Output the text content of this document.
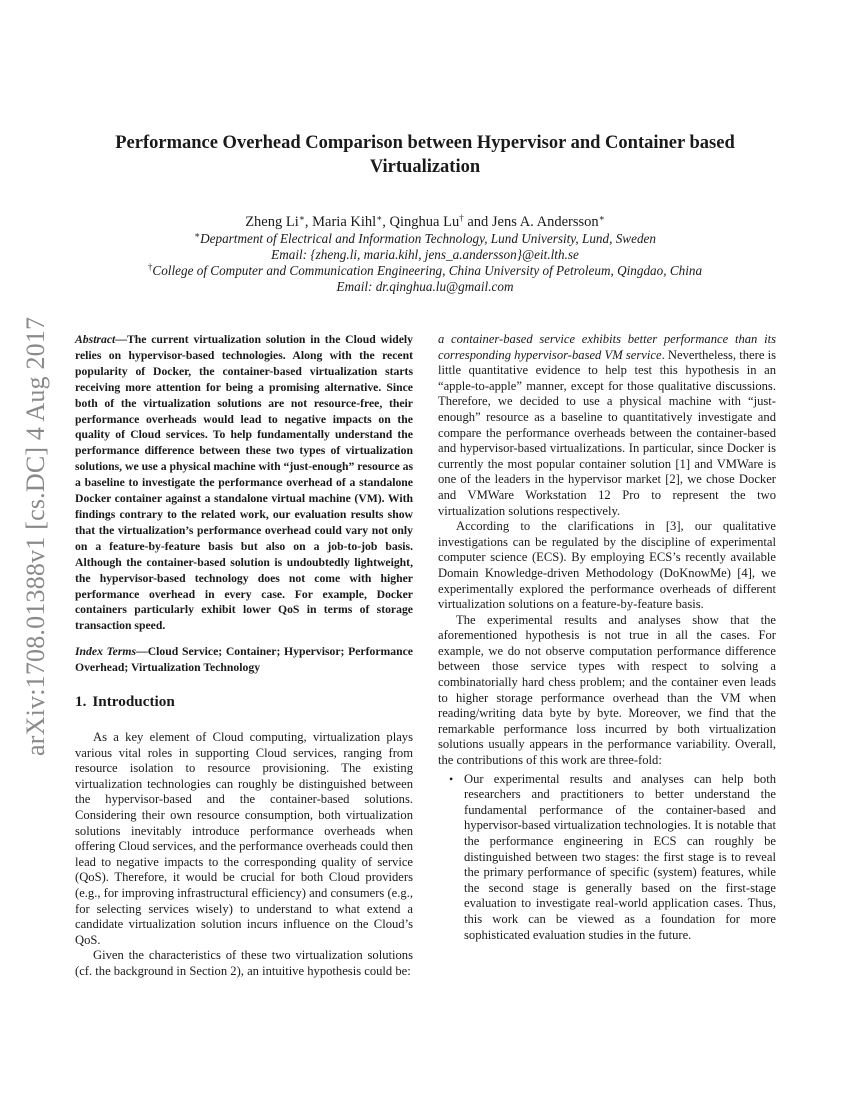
arXiv:1708.01388v1 [cs.DC] 4 Aug 2017
Performance Overhead Comparison between Hypervisor and Container based
Virtualization
Zheng Li∗, Maria Kihl∗, Qinghua Lu† and Jens A. Andersson∗
∗Department of Electrical and Information Technology, Lund University, Lund, Sweden
Email: {zheng.li, maria.kihl, jens_a.andersson}@eit.lth.se
†College of Computer and Communication Engineering, China University of Petroleum, Qingdao, China
Email: dr.qinghua.lu@gmail.com

Abstract—The current virtualization solution in the Cloud widely relies on hypervisor-based technologies. Along with the recent popularity of Docker, the container-based virtualization starts receiving more attention for being a promising alternative. Since both of the virtualization solutions are not resource-free, their performance overheads would lead to negative impacts on the quality of Cloud services. To help fundamentally understand the performance difference between these two types of virtualization solutions, we use a physical machine with “just-enough” resource as a baseline to investigate the performance overhead of a standalone Docker container against a standalone virtual machine (VM). With findings contrary to the related work, our evaluation results show that the virtualization’s performance overhead could vary not only on a feature-by-feature basis but also on a job-to-job basis. Although the container-based solution is undoubtedly lightweight, the hypervisor-based technology does not come with higher performance overhead in every case. For example, Docker containers particularly exhibit lower QoS in terms of storage transaction speed.

Index Terms—Cloud Service; Container; Hypervisor; Performance Overhead; Virtualization Technology

1. Introduction

As a key element of Cloud computing, virtualization plays various vital roles in supporting Cloud services, ranging from resource isolation to resource provisioning. The existing virtualization technologies can roughly be distinguished between the hypervisor-based and the container-based solutions. Considering their own resource consumption, both virtualization solutions inevitably introduce performance overheads when offering Cloud services, and the performance overheads could then lead to negative impacts to the corresponding quality of service (QoS). Therefore, it would be crucial for both Cloud providers (e.g., for improving infrastructural efficiency) and consumers (e.g., for selecting services wisely) to understand to what extend a candidate virtualization solution incurs influence on the Cloud’s QoS.

Given the characteristics of these two virtualization solutions (cf. the background in Section 2), an intuitive hypothesis could be:

a container-based service exhibits better performance than its corresponding hypervisor-based VM service. Nevertheless, there is little quantitative evidence to help test this hypothesis in an “apple-to-apple” manner, except for those qualitative discussions. Therefore, we decided to use a physical machine with “just-enough” resource as a baseline to quantitatively investigate and compare the performance overheads between the container-based and hypervisor-based virtualizations. In particular, since Docker is currently the most popular container solution [1] and VMWare is one of the leaders in the hypervisor market [2], we chose Docker and VMWare Workstation 12 Pro to represent the two virtualization solutions respectively.

According to the clarifications in [3], our qualitative investigations can be regulated by the discipline of experimental computer science (ECS). By employing ECS’s recently available Domain Knowledge-driven Methodology (DoKnowMe) [4], we experimentally explored the performance overheads of different virtualization solutions on a feature-by-feature basis.

The experimental results and analyses show that the aforementioned hypothesis is not true in all the cases. For example, we do not observe computation performance difference between those service types with respect to solving a combinatorially hard chess problem; and the container even leads to higher storage performance overhead than the VM when reading/writing data byte by byte. Moreover, we find that the remarkable performance loss incurred by both virtualization solutions usually appears in the performance variability. Overall, the contributions of this work are three-fold:

• Our experimental results and analyses can help both researchers and practitioners to better understand the fundamental performance of the container-based and hypervisor-based virtualization technologies. It is notable that the performance engineering in ECS can roughly be distinguished between two stages: the first stage is to reveal the primary performance of specific (system) features, while the second stage is generally based on the first-stage evaluation to investigate real-world application cases. Thus, this work can be viewed as a foundation for more sophisticated evaluation studies in the future.
